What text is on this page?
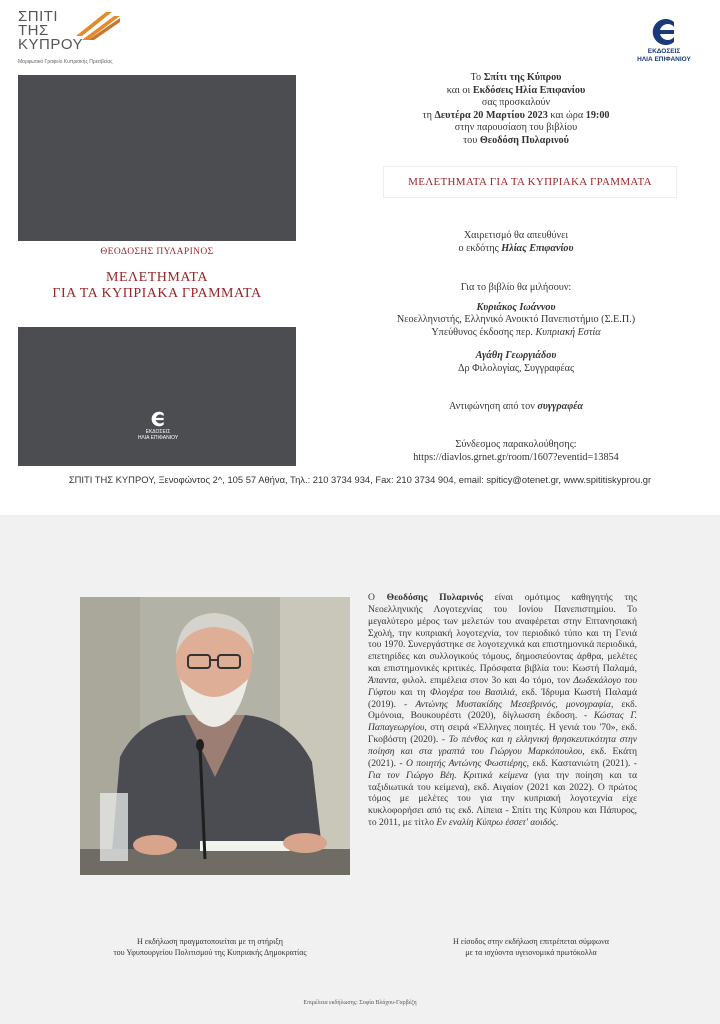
ΣΠΙΤΙ
ΤΗΣ
ΚΥΠΡΟΥ
Μορφωτικό Γραφείο Κυπριακής Πρεσβείας
ΕΚΔΟΣΕΙΣ
ΗΛΙΑ ΕΠΙΦΑΝΙΟΥ
ΘΕΟΔΟΣΗΣ ΠΥΛΑΡΙΝΟΣ
ΜΕΛΕΤΗΜΑΤΑ
ΓΙΑ ΤΑ ΚΥΠΡΙΑΚΑ ΓΡΑΜΜΑΤΑ
ΕΚΔΟΣΕΙΣ
ΗΛΙΑ ΕΠΙΦΑΝΙΟΥ

Το Σπίτι της Κύπρου

και οι Εκδόσεις Ηλία Επιφανίου

σας προσκαλούν

τη Δευτέρα 20 Μαρτίου 2023 και ώρα 19:00

στην παρουσίαση του βιβλίου

του Θεοδόση Πυλαρινού

ΜΕΛΕΤΗΜΑΤΑ ΓΙΑ ΤΑ ΚΥΠΡΙΑΚΑ ΓΡΑΜΜΑΤΑ

Χαιρετισμό θα απευθύνει

ο εκδότης Ηλίας Επιφανίου

Για το βιβλίο θα μιλήσουν:

Κυριάκος Ιωάννου

Νεοελληνιστής, Ελληνικό Ανοικτό Πανεπιστήμιο (Σ.Ε.Π.)

Υπεύθυνος έκδοσης περ. Κυπριακή Εστία

Αγάθη Γεωργιάδου

Δρ Φιλολογίας, Συγγραφέας

Αντιφώνηση από τον συγγραφέα

Σύνδεσμος παρακολούθησης:

https://diavlos.grnet.gr/room/1607?eventid=13854

ΣΠΙΤΙ ΤΗΣ ΚΥΠΡΟΥ, Ξενοφώντος 2^, 105 57 Αθήνα, Τηλ.: 210 3734 934, Fax: 210 3734 904, email: spiticy@otenet.gr, www.spititiskyprou.gr
Ο Θεοδόσης Πυλαρινός είναι ομότιμος καθηγητής της Νεοελληνικής Λογοτεχνίας του Ιονίου Πανεπιστημίου. Το μεγαλύτερο μέρος των μελετών του αναφέρεται στην Επτανησιακή Σχολή, την κυπριακή λογοτεχνία, τον περιοδικό τύπο και τη Γενιά του 1970. Συνεργάστηκε σε λογοτεχνικά και επιστημονικά περιοδικά, επετηρίδες και συλλογικούς τόμους, δημοσιεύοντας άρθρα, μελέτες και επιστημονικές κριτικές. Πρόσφατα βιβλία του: Κωστή Παλαμά, Άπαντα, φιλολ. επιμέλεια στον 3ο και 4ο τόμο, τον Δωδεκάλογο του Γύφτου και τη Φλογέρα του Βασιλιά, εκδ. Ίδρυμα Κωστή Παλαμά (2019). - Αντώνης Μυστακίδης Μεσεβρινός, μονογραφία, εκδ. Ομόνοια, Βουκουρέστι (2020), δίγλωσση έκδοση. - Κώστας Γ. Παπαγεωργίου, στη σειρά «Έλληνες ποιητές. Η γενιά του '70», εκδ. Γκοβόστη (2020). - Το πένθος και η ελληνική θρησκευτικότητα στην ποίηση και στα γραπτά του Γιώργου Μαρκόπουλου, εκδ. Εκάτη (2021). - Ο ποιητής Αντώνης Φωστιέρης, εκδ. Καστανιώτη (2021). - Για τον Γιώργο Βέη. Κριτικά κείμενα (για την ποίηση και τα ταξιδιωτικά του κείμενα), εκδ. Αιγαίον (2021 και 2022). Ο πρώτος τόμος με μελέτες του για την κυπριακή λογοτεχνία είχε κυκλοφορήσει από τις εκδ. Λίπεια - Σπίτι της Κύπρου και Πάπυρος, το 2011, με τίτλο Εν εναλίη Κύπρω έσσετ' αοιδός.
Η εκδήλωση πραγματοποιείται με τη στήριξη
του Υφυπουργείου Πολιτισμού της Κυπριακής Δημοκρατίας
Η είσοδος στην εκδήλωση επιτρέπεται σύμφωνα
με τα ισχύοντα υγειονομικά πρωτόκολλα
Επιμέλεια εκδήλωσης: Σοφία Βλάχου-Γαρβέζη
